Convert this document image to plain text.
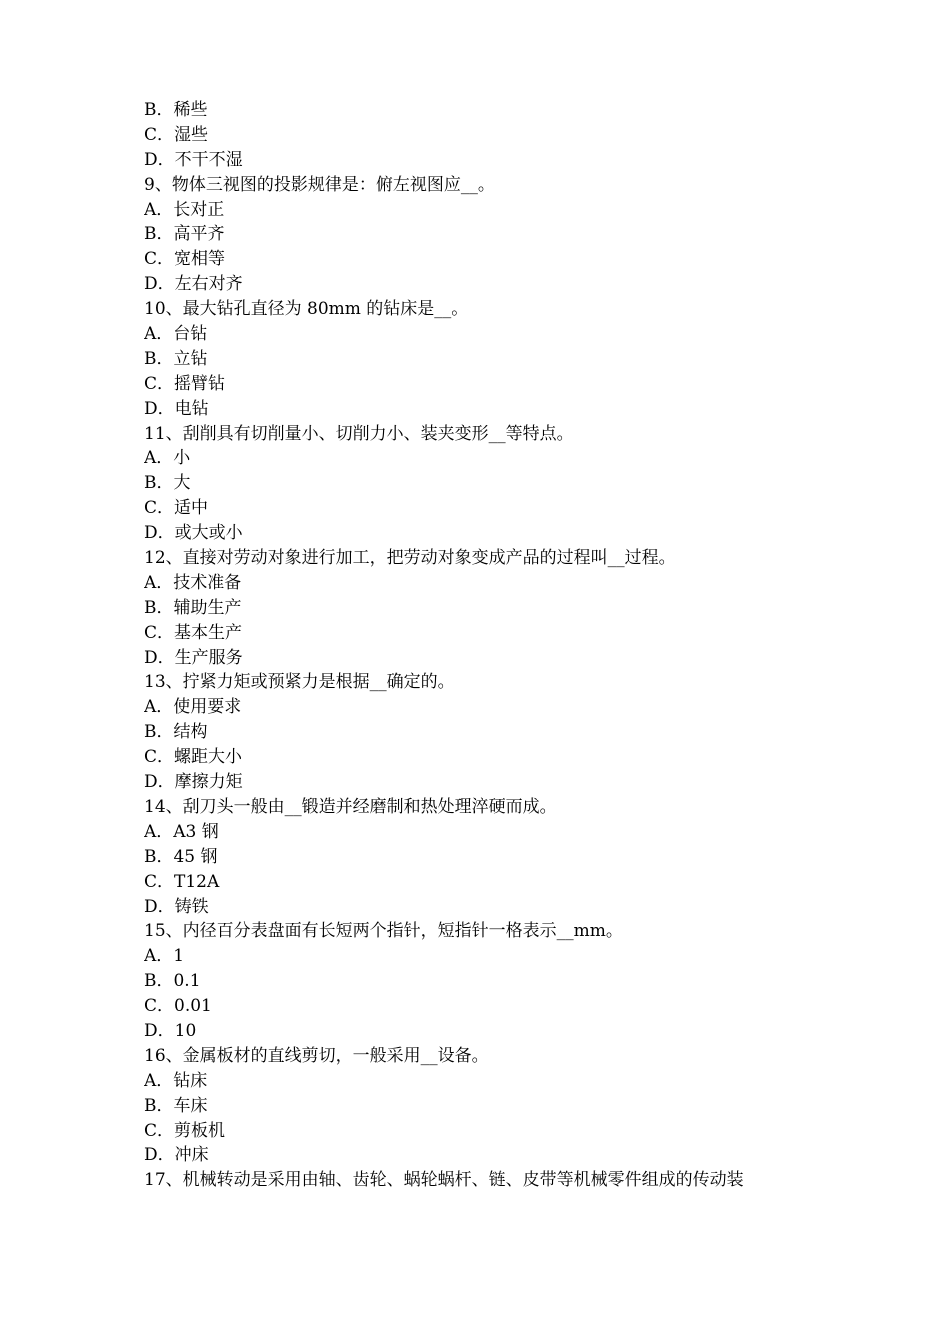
B．稀些
C．湿些
D．不干不湿
9、物体三视图的投影规律是：俯左视图应__。
A．长对正
B．高平齐
C．宽相等
D．左右对齐
10、最大钻孔直径为 80mm 的钻床是__。
A．台钻
B．立钻
C．摇臂钻
D．电钻
11、刮削具有切削量小、切削力小、装夹变形__等特点。
A．小
B．大
C．适中
D．或大或小
12、直接对劳动对象进行加工，把劳动对象变成产品的过程叫__过程。
A．技术准备
B．辅助生产
C．基本生产
D．生产服务
13、拧紧力矩或预紧力是根据__确定的。
A．使用要求
B．结构
C．螺距大小
D．摩擦力矩
14、刮刀头一般由__锻造并经磨制和热处理淬硬而成。
A．A3 钢
B．45 钢
C．T12A
D．铸铁
15、内径百分表盘面有长短两个指针，短指针一格表示__mm。
A．1
B．0.1
C．0.01
D．10
16、金属板材的直线剪切，一般采用__设备。
A．钻床
B．车床
C．剪板机
D．冲床
17、机械转动是采用由轴、齿轮、蜗轮蜗杆、链、皮带等机械零件组成的传动装
